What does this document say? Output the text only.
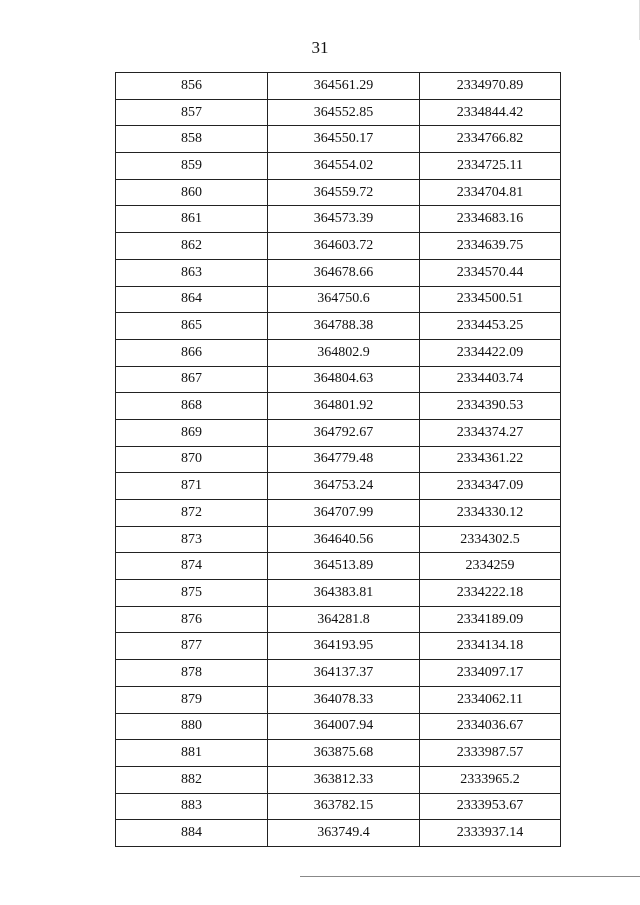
31
856	364561.29	2334970.89
857	364552.85	2334844.42
858	364550.17	2334766.82
859	364554.02	2334725.11
860	364559.72	2334704.81
861	364573.39	2334683.16
862	364603.72	2334639.75
863	364678.66	2334570.44
864	364750.6	2334500.51
865	364788.38	2334453.25
866	364802.9	2334422.09
867	364804.63	2334403.74
868	364801.92	2334390.53
869	364792.67	2334374.27
870	364779.48	2334361.22
871	364753.24	2334347.09
872	364707.99	2334330.12
873	364640.56	2334302.5
874	364513.89	2334259
875	364383.81	2334222.18
876	364281.8	2334189.09
877	364193.95	2334134.18
878	364137.37	2334097.17
879	364078.33	2334062.11
880	364007.94	2334036.67
881	363875.68	2333987.57
882	363812.33	2333965.2
883	363782.15	2333953.67
884	363749.4	2333937.14
